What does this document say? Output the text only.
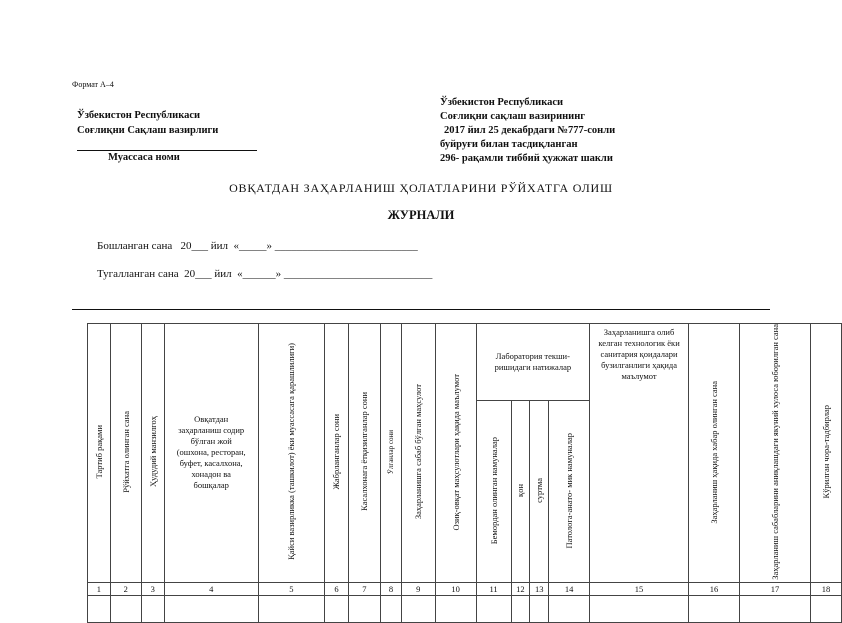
Формат А–4
Ўзбекистон Республикаси
Соғлиқни Сақлаш вазирлиги
Муассаса номи
Ўзбекистон Республикаси
Соғлиқни сақлаш вазирининг
2017 йил 25 декабрдаги №777-сонли
буйруғи билан тасдиқланган
296- рақамли тиббий ҳужжат шакли
ОВҚАТДАН ЗАҲАРЛАНИШ ҲОЛАТЛАРИНИ РЎЙХАТГА ОЛИШ
ЖУРНАЛИ
Бошланган сана   20___ йил  «_____» __________________________
Тугалланган сана  20___ йил  «______» ___________________________
Тартиб рақами	Рўйхатга олинган сана	Ҳудудий манзилгоҳ	Овқатдан заҳарланиш содир бўлган жой (ошхона, ресторан, буфет, касалхона, хонадон ва бошқалар	Қайси вазирликка (ташкилот) ёки муассасага қарашлилиги)	Жабрланганлар сони	Касалхонага ётқизилганлар сони	Ўлганлар сони	Заҳарланишга сабаб бўлган маҳсулот	Озиқ-овқат маҳсулотлари ҳақида маълумот	Лаборатория текши- ришидаги натижалар				Заҳарланишга олиб келган технологик ёки санитария қоидалари бузилганлиги ҳақида маълумот	Заҳарланиш ҳақида хабар олинган сана	Заҳарланиш сабабларини аниқлашдаги якуний хулоса юборилган сана	Кўрилган чора-тадбирлар
										Бемордан олинган намуналар	қон	суртма	Патолога-анато- мик намуналар				
1	2	3	4	5	6	7	8	9	10	11	12	13	14	15	16	17	18
